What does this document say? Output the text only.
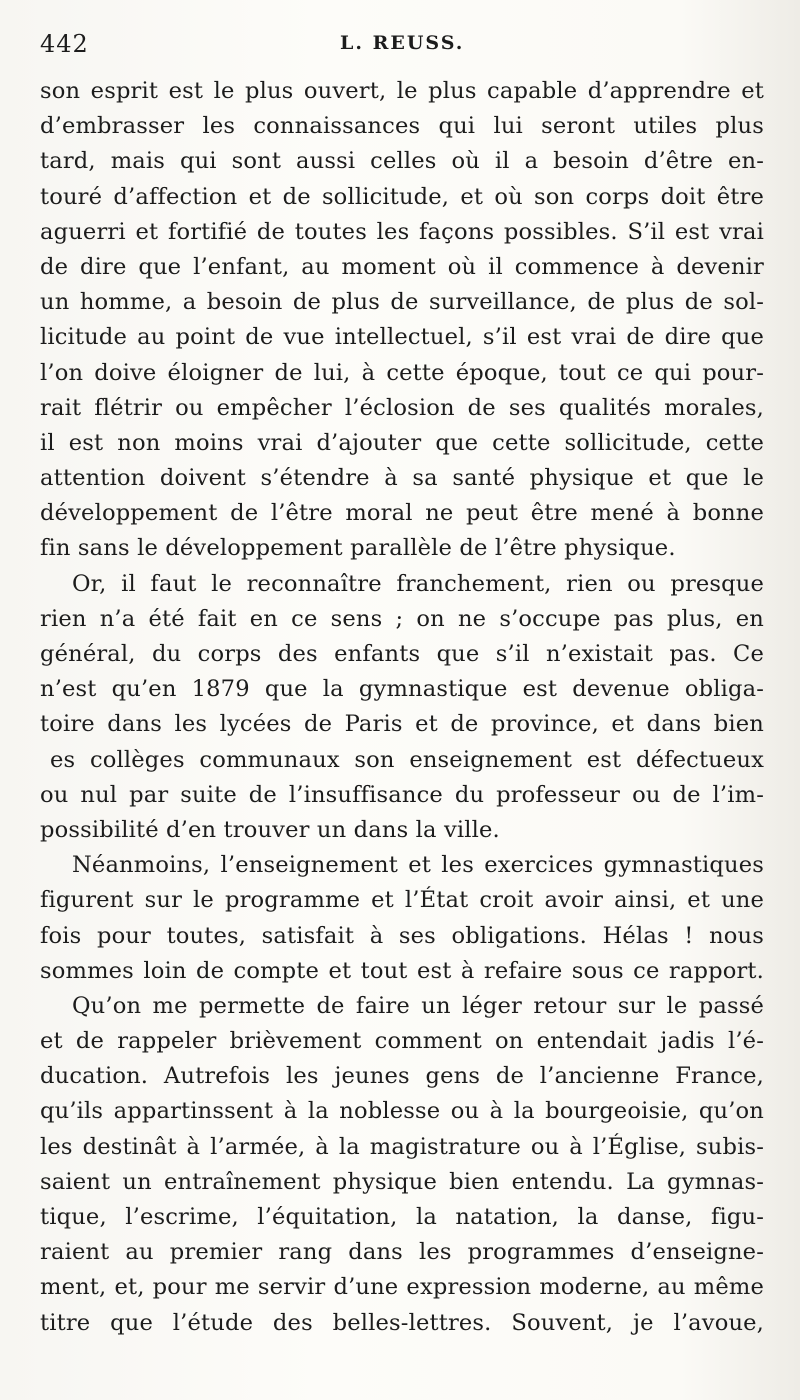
442	L. REUSS.
son esprit est le plus ouvert, le plus capable d’apprendre et
d’embrasser les connaissances qui lui seront utiles plus
tard, mais qui sont aussi celles où il a besoin d’être en-
touré d’affection et de sollicitude, et où son corps doit être
aguerri et fortifié de toutes les façons possibles. S’il est vrai
de dire que l’enfant, au moment où il commence à devenir
un homme, a besoin de plus de surveillance, de plus de sol-
licitude au point de vue intellectuel, s’il est vrai de dire que
l’on doive éloigner de lui, à cette époque, tout ce qui pour-
rait flétrir ou empêcher l’éclosion de ses qualités morales,
il est non moins vrai d’ajouter que cette sollicitude, cette
attention doivent s’étendre à sa santé physique et que le
développement de l’être moral ne peut être mené à bonne
fin sans le développement parallèle de l’être physique.
Or, il faut le reconnaître franchement, rien ou presque
rien n’a été fait en ce sens ; on ne s’occupe pas plus, en
général, du corps des enfants que s’il n’existait pas. Ce
n’est qu’en 1879 que la gymnastique est devenue obliga-
toire dans les lycées de Paris et de province, et dans bien
es collèges communaux son enseignement est défectueux
ou nul par suite de l’insuffisance du professeur ou de l’im-
possibilité d’en trouver un dans la ville.
Néanmoins, l’enseignement et les exercices gymnastiques
figurent sur le programme et l’État croit avoir ainsi, et une
fois pour toutes, satisfait à ses obligations. Hélas ! nous
sommes loin de compte et tout est à refaire sous ce rapport.
Qu’on me permette de faire un léger retour sur le passé
et de rappeler brièvement comment on entendait jadis l’é-
ducation. Autrefois les jeunes gens de l’ancienne France,
qu’ils appartinssent à la noblesse ou à la bourgeoisie, qu’on
les destinât à l’armée, à la magistrature ou à l’Église, subis-
saient un entraînement physique bien entendu. La gymnas-
tique, l’escrime, l’équitation, la natation, la danse, figu-
raient au premier rang dans les programmes d’enseigne-
ment, et, pour me servir d’une expression moderne, au même
titre que l’étude des belles-lettres. Souvent, je l’avoue,
